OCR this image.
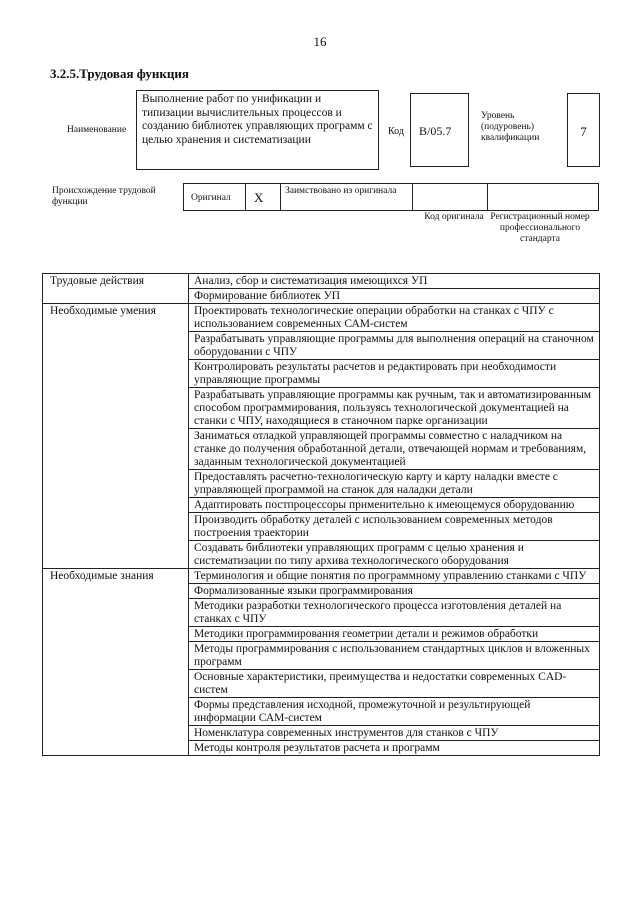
16
3.2.5.Трудовая функция
Наименование
Выполнение работ по унификации и типизации вычислительных процессов и созданию библиотек управляющих программ с целью хранения и систематизации
Код	B/05.7
Уровень (подуровень) квалификации	7
Происхождение трудовой функции	Оригинал	X	Заимствовано из оригинала
Код оригинала Регистрационный номер профессионального стандарта
Трудовые действия	Анализ, сбор и систематизация имеющихся УП
	Формирование библиотек УП
Необходимые умения	Проектировать технологические операции обработки на станках с ЧПУ с использованием современных САМ-систем
	Разрабатывать управляющие программы для выполнения операций на станочном оборудовании с ЧПУ
	Контролировать результаты расчетов и редактировать при необходимости управляющие программы
	Разрабатывать управляющие программы как ручным, так и автоматизированным способом программирования, пользуясь технологической документацией на станки с ЧПУ, находящиеся в станочном парке организации
	Заниматься отладкой управляющей программы совместно с наладчиком на станке до получения обработанной детали, отвечающей нормам и требованиям, заданным технологической документацией
	Предоставлять расчетно-технологическую карту и карту наладки вместе с управляющей программой на станок для наладки детали
	Адаптировать постпроцессоры применительно к имеющемуся оборудованию
	Производить обработку деталей с использованием современных методов построения траектории
	Создавать библиотеки управляющих программ с целью хранения и систематизации по типу архива технологического оборудования
Необходимые знания	Терминология и общие понятия по программному управлению станками с ЧПУ
	Формализованные языки программирования
	Методики разработки технологического процесса изготовления деталей на станках с ЧПУ
	Методики программирования геометрии детали и режимов обработки
	Методы программирования с использованием стандартных циклов и вложенных программ
	Основные характеристики, преимущества и недостатки современных CAD-систем
	Формы представления исходной, промежуточной и результирующей информации САМ-систем
	Номенклатура современных инструментов для станков с ЧПУ
	Методы контроля результатов расчета и программ
